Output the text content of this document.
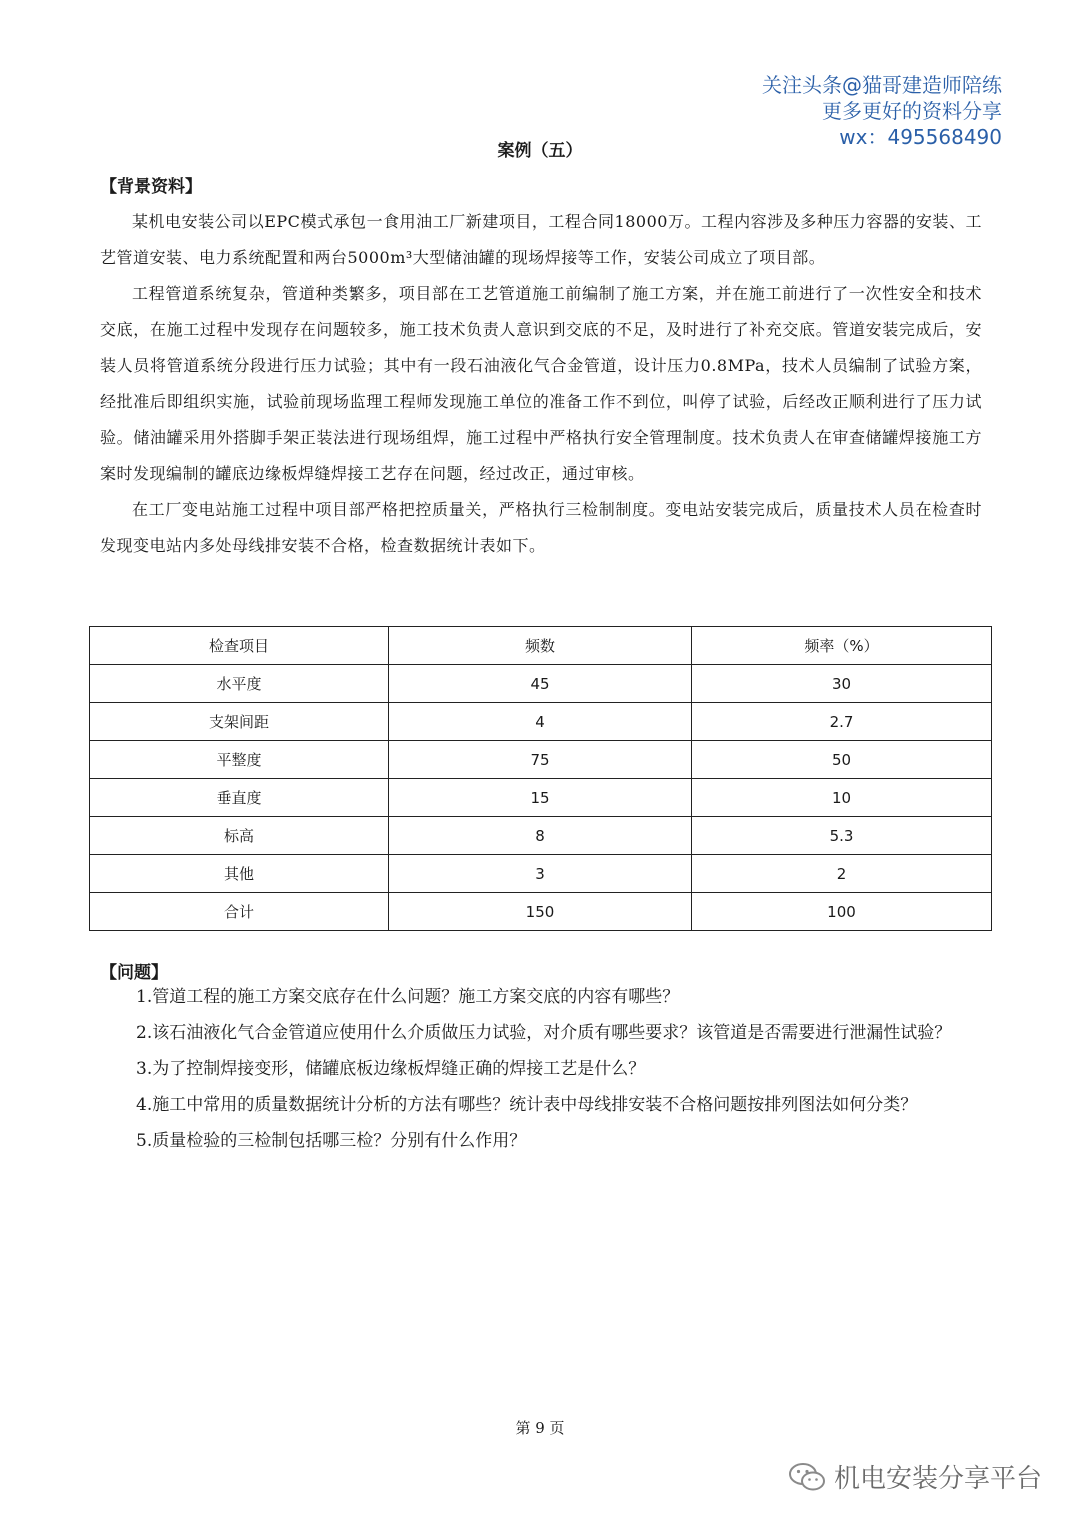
关注头条@猫哥建造师陪练
更多更好的资料分享
wx：495568490
案例（五）
【背景资料】

某机电安装公司以EPC模式承包一食用油工厂新建项目，工程合同18000万。工程内容涉及多种压力容器的安装、工艺管道安装、电力系统配置和两台5000m³大型储油罐的现场焊接等工作，安装公司成立了项目部。

工程管道系统复杂，管道种类繁多，项目部在工艺管道施工前编制了施工方案，并在施工前进行了一次性安全和技术交底，在施工过程中发现存在问题较多，施工技术负责人意识到交底的不足，及时进行了补充交底。管道安装完成后，安装人员将管道系统分段进行压力试验；其中有一段石油液化气合金管道，设计压力0.8MPa，技术人员编制了试验方案，经批准后即组织实施，试验前现场监理工程师发现施工单位的准备工作不到位，叫停了试验，后经改正顺利进行了压力试验。储油罐采用外搭脚手架正装法进行现场组焊，施工过程中严格执行安全管理制度。技术负责人在审查储罐焊接施工方案时发现编制的罐底边缘板焊缝焊接工艺存在问题，经过改正，通过审核。

在工厂变电站施工过程中项目部严格把控质量关，严格执行三检制制度。变电站安装完成后，质量技术人员在检查时发现变电站内多处母线排安装不合格，检查数据统计表如下。

检查项目	频数	频率（%）
水平度	45	30
支架间距	4	2.7
平整度	75	50
垂直度	15	10
标高	8	5.3
其他	3	2
合计	150	100
【问题】

1.管道工程的施工方案交底存在什么问题？施工方案交底的内容有哪些？

2.该石油液化气合金管道应使用什么介质做压力试验，对介质有哪些要求？该管道是否需要进行泄漏性试验？

3.为了控制焊接变形，储罐底板边缘板焊缝正确的焊接工艺是什么？

4.施工中常用的质量数据统计分析的方法有哪些？统计表中母线排安装不合格问题按排列图法如何分类？

5.质量检验的三检制包括哪三检？分别有什么作用？

第 9 页
机电安装分享平台
